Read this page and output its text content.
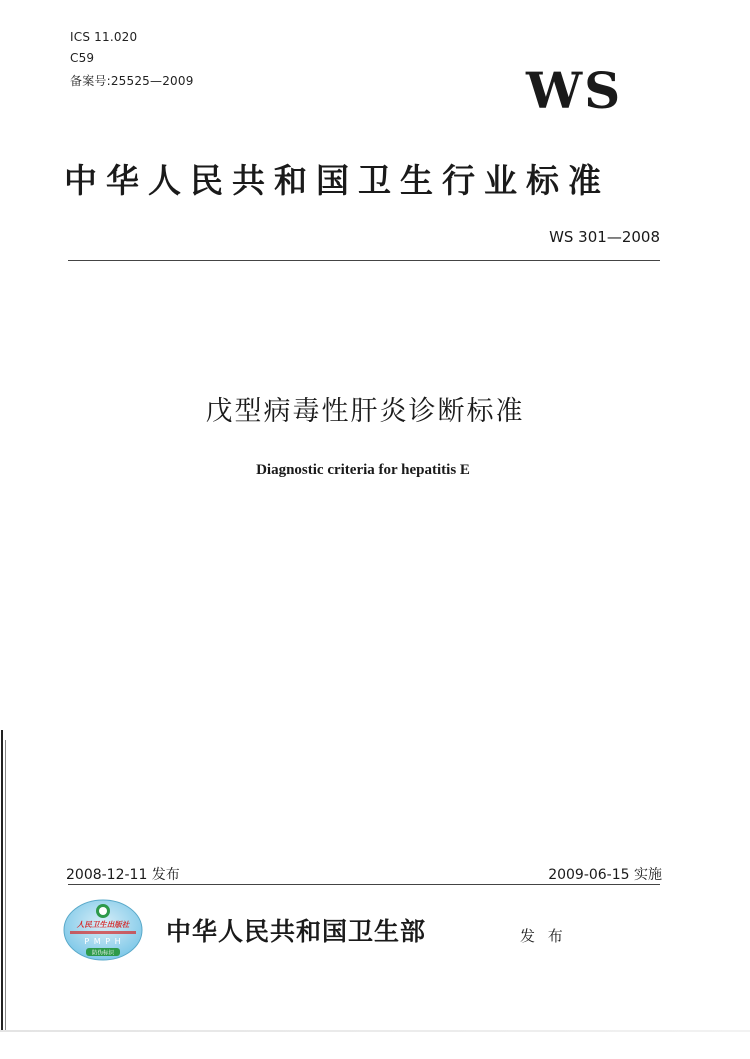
ICS 11.020
C59
备案号:25525—2009	WS
中华人民共和国卫生行业标准
WS 301—2008
戊型病毒性肝炎诊断标准
Diagnostic criteria for hepatitis E
2008-12-11 发布	2009-06-15 实施
人民卫生出版社
P M P H
防伪标识
中华人民共和国卫生部	发 布
